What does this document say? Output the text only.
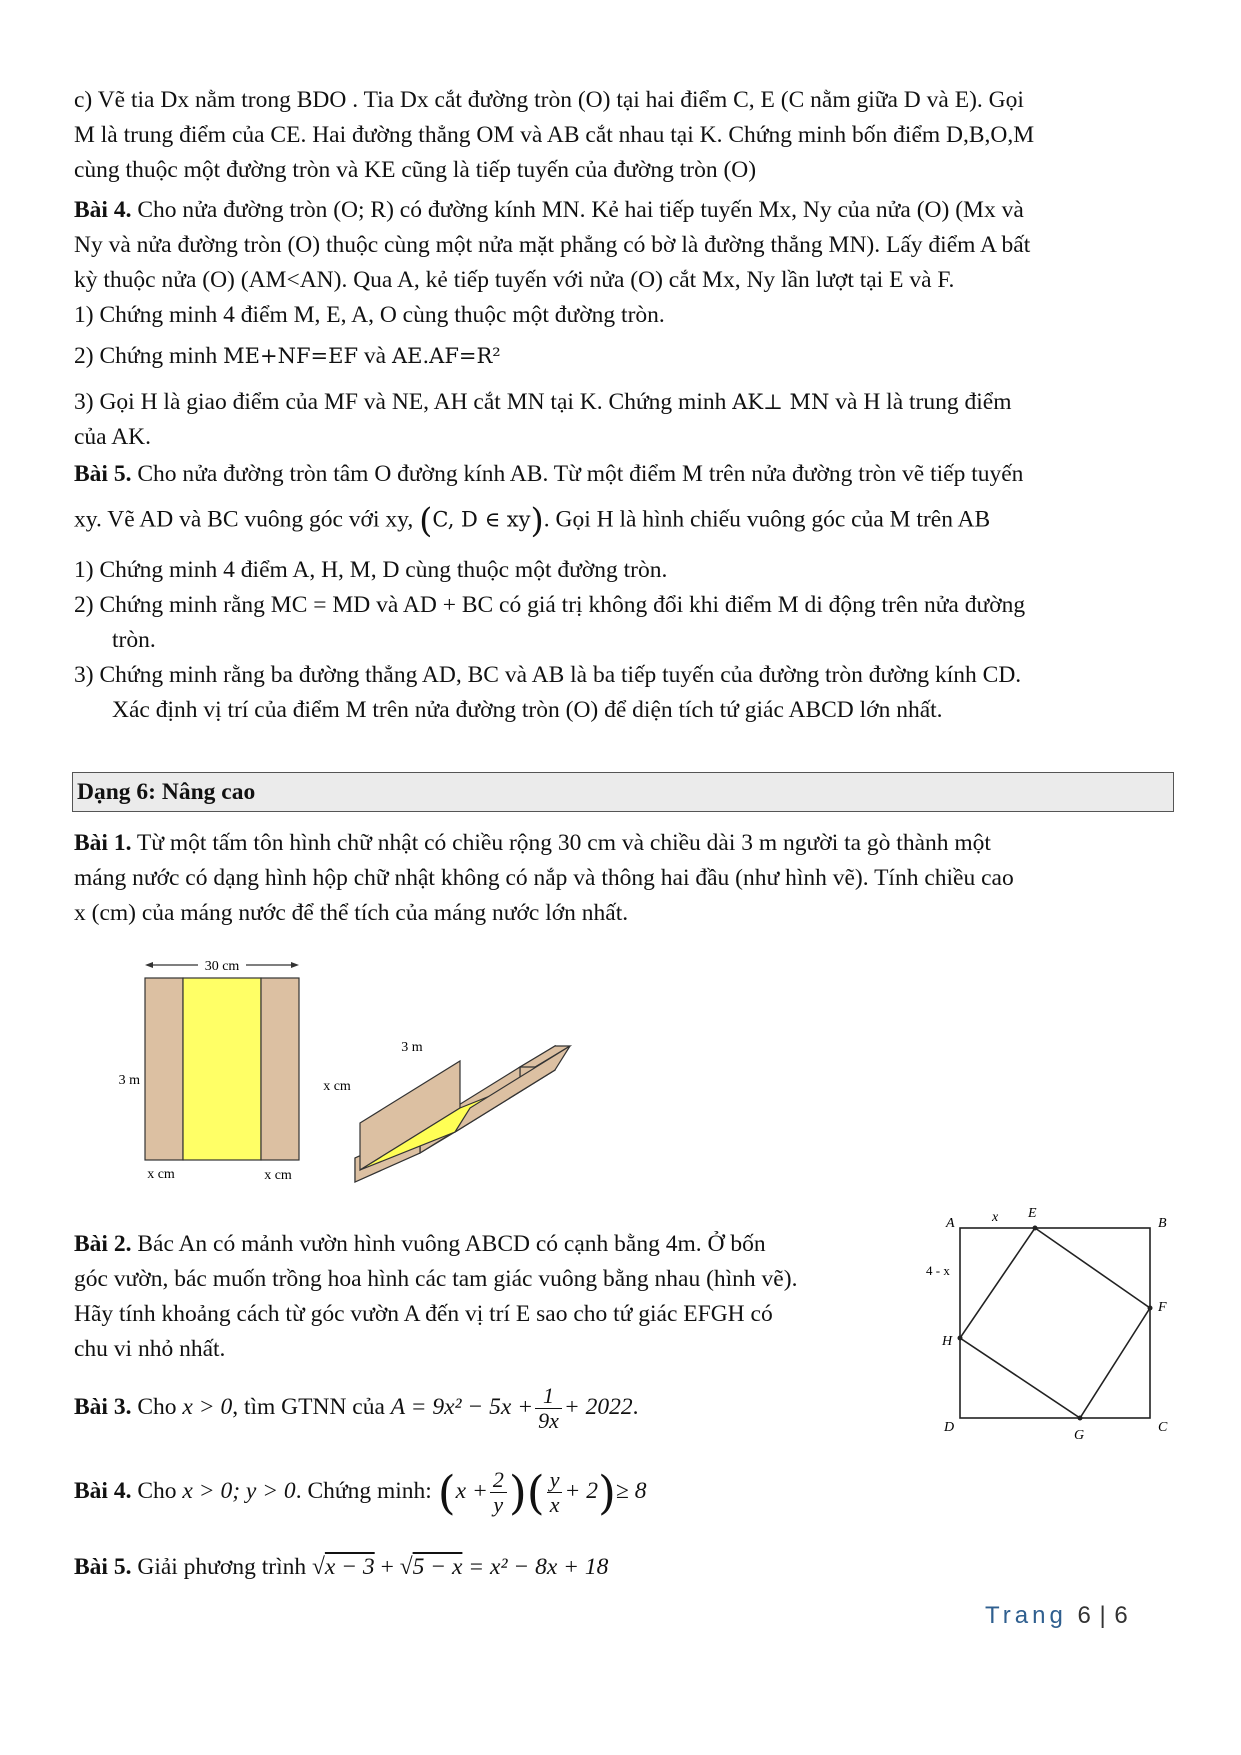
c) Vẽ tia Dx nằm trong BDO . Tia Dx cắt đường tròn (O) tại hai điểm C, E (C nằm giữa D và E). Gọi

M là trung điểm của CE. Hai đường thẳng OM và AB cắt nhau tại K. Chứng minh bốn điểm D,B,O,M

cùng thuộc một đường tròn và KE cũng là tiếp tuyến của đường tròn (O)

Bài 4. Cho nửa đường tròn (O; R) có đường kính MN. Kẻ hai tiếp tuyến Mx, Ny của nửa (O) (Mx và

Ny và nửa đường tròn (O) thuộc cùng một nửa mặt phẳng có bờ là đường thẳng MN). Lấy điểm A bất

kỳ thuộc nửa (O) (AM<AN). Qua A, kẻ tiếp tuyến với nửa (O) cắt Mx, Ny lần lượt tại E và F.

1) Chứng minh 4 điểm M, E, A, O cùng thuộc một đường tròn.

2) Chứng minh ME+NF=EF và AE.AF=R²

3) Gọi H là giao điểm của MF và NE, AH cắt MN tại K. Chứng minh AK⊥ MN và H là trung điểm

của AK.

Bài 5. Cho nửa đường tròn tâm O đường kính AB. Từ một điểm M trên nửa đường tròn vẽ tiếp tuyến

xy. Vẽ AD và BC vuông góc với xy, (C, D ∈ xy). Gọi H là hình chiếu vuông góc của M trên AB

1) Chứng minh 4 điểm A, H, M, D cùng thuộc một đường tròn.

2) Chứng minh rằng MC = MD và AD + BC có giá trị không đổi khi điểm M di động trên nửa đường

tròn.

3) Chứng minh rằng ba đường thẳng AD, BC và AB là ba tiếp tuyến của đường tròn đường kính CD.

Xác định vị trí của điểm M trên nửa đường tròn (O) để diện tích tứ giác ABCD lớn nhất.

Dạng 6: Nâng cao

Bài 1. Từ một tấm tôn hình chữ nhật có chiều rộng 30 cm và chiều dài 3 m người ta gò thành một

máng nước có dạng hình hộp chữ nhật không có nắp và thông hai đầu (như hình vẽ). Tính chiều cao

x (cm) của máng nước để thể tích của máng nước lớn nhất.

30 cm
3 m
x cm	x cm
3 m
x cm

Bài 2. Bác An có mảnh vườn hình vuông ABCD có cạnh bằng 4m. Ở bốn

góc vườn, bác muốn trồng hoa hình các tam giác vuông bằng nhau (hình vẽ).

Hãy tính khoảng cách từ góc vườn A đến vị trí E sao cho tứ giác EFGH có

chu vi nhỏ nhất.

A	B
C
D
E
F
G
H
x
4 - x

Bài 3. Cho x > 0, tìm GTNN của $A = 9x^2 - 5x + \frac{1}{9x} + 2022$.

Bài 4. Cho x > 0; y > 0. Chứng minh: ($x + \frac{2}{y}$ )( $\frac{y}{x} + 2)\ge 8$

Bài 5. Giải phương trình √x − 3 + √5 − x = x² − 8x + 18

Trang 6 | 6
